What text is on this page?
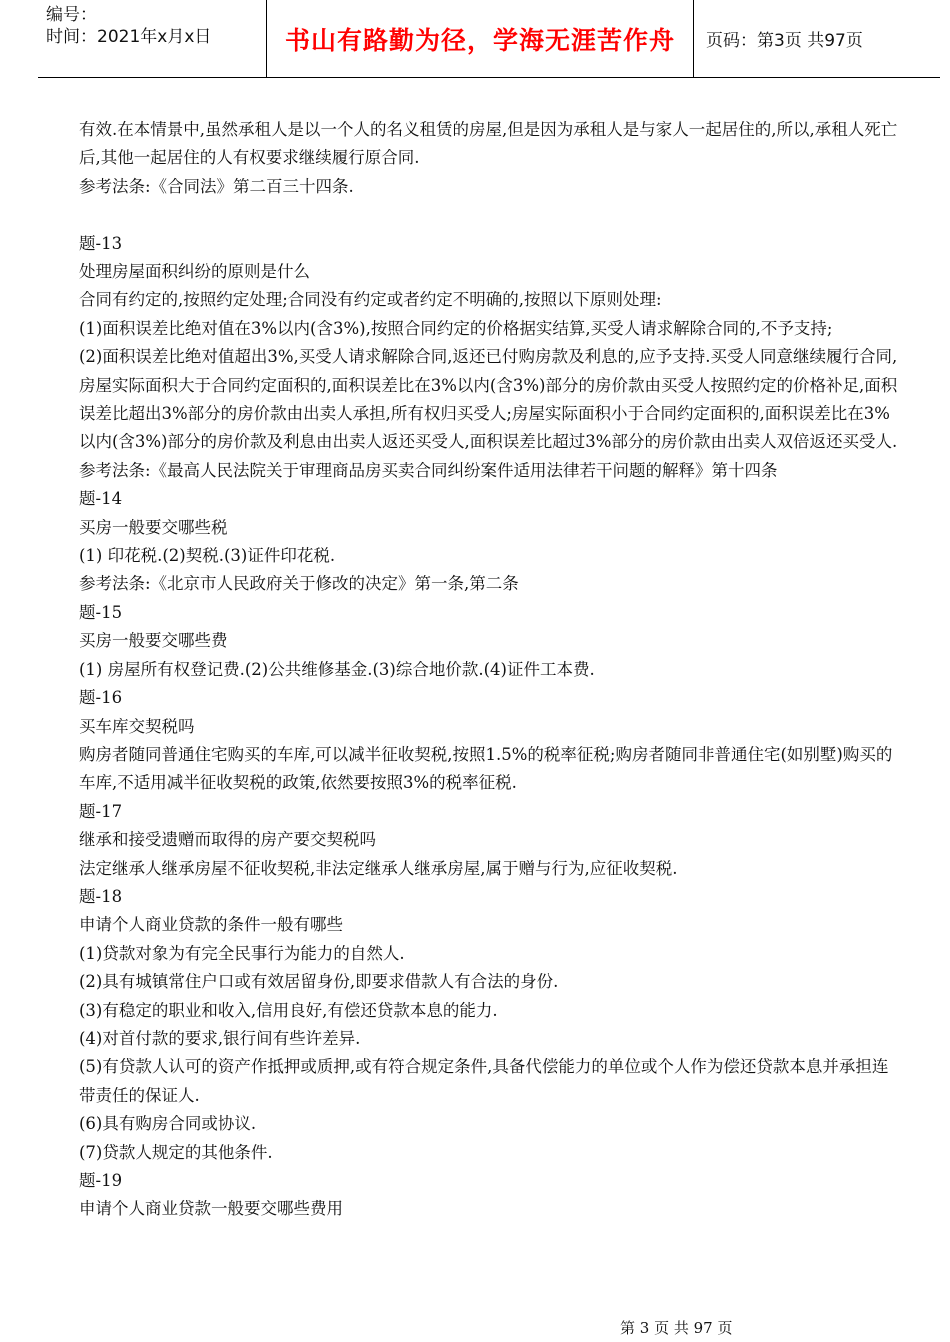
编号：
时间：2021年x月x日	书山有路勤为径，学海无涯苦作舟	页码：第3页 共97页

有效.在本情景中,虽然承租人是以一个人的名义租赁的房屋,但是因为承租人是与家人一起居住的,所以,承租人死亡后,其他一起居住的人有权要求继续履行原合同.

参考法条:《合同法》第二百三十四条.

题-13

处理房屋面积纠纷的原则是什么

合同有约定的,按照约定处理;合同没有约定或者约定不明确的,按照以下原则处理:

(1)面积误差比绝对值在3%以内(含3%),按照合同约定的价格据实结算,买受人请求解除合同的,不予支持;

(2)面积误差比绝对值超出3%,买受人请求解除合同,返还已付购房款及利息的,应予支持.买受人同意继续履行合同,房屋实际面积大于合同约定面积的,面积误差比在3%以内(含3%)部分的房价款由买受人按照约定的价格补足,面积误差比超出3%部分的房价款由出卖人承担,所有权归买受人;房屋实际面积小于合同约定面积的,面积误差比在3%以内(含3%)部分的房价款及利息由出卖人返还买受人,面积误差比超过3%部分的房价款由出卖人双倍返还买受人.

参考法条:《最高人民法院关于审理商品房买卖合同纠纷案件适用法律若干问题的解释》第十四条

题-14

买房一般要交哪些税

(1) 印花税.(2)契税.(3)证件印花税.

参考法条:《北京市人民政府关于修改的决定》第一条,第二条

题-15

买房一般要交哪些费

(1) 房屋所有权登记费.(2)公共维修基金.(3)综合地价款.(4)证件工本费.

题-16

买车库交契税吗

购房者随同普通住宅购买的车库,可以减半征收契税,按照1.5%的税率征税;购房者随同非普通住宅(如别墅)购买的车库,不适用减半征收契税的政策,依然要按照3%的税率征税.

题-17

继承和接受遗赠而取得的房产要交契税吗

法定继承人继承房屋不征收契税,非法定继承人继承房屋,属于赠与行为,应征收契税.

题-18

申请个人商业贷款的条件一般有哪些

(1)贷款对象为有完全民事行为能力的自然人.

(2)具有城镇常住户口或有效居留身份,即要求借款人有合法的身份.

(3)有稳定的职业和收入,信用良好,有偿还贷款本息的能力.

(4)对首付款的要求,银行间有些许差异.

(5)有贷款人认可的资产作抵押或质押,或有符合规定条件,具备代偿能力的单位或个人作为偿还贷款本息并承担连带责任的保证人.

(6)具有购房合同或协议.

(7)贷款人规定的其他条件.

题-19

申请个人商业贷款一般要交哪些费用

第 3 页 共 97 页
